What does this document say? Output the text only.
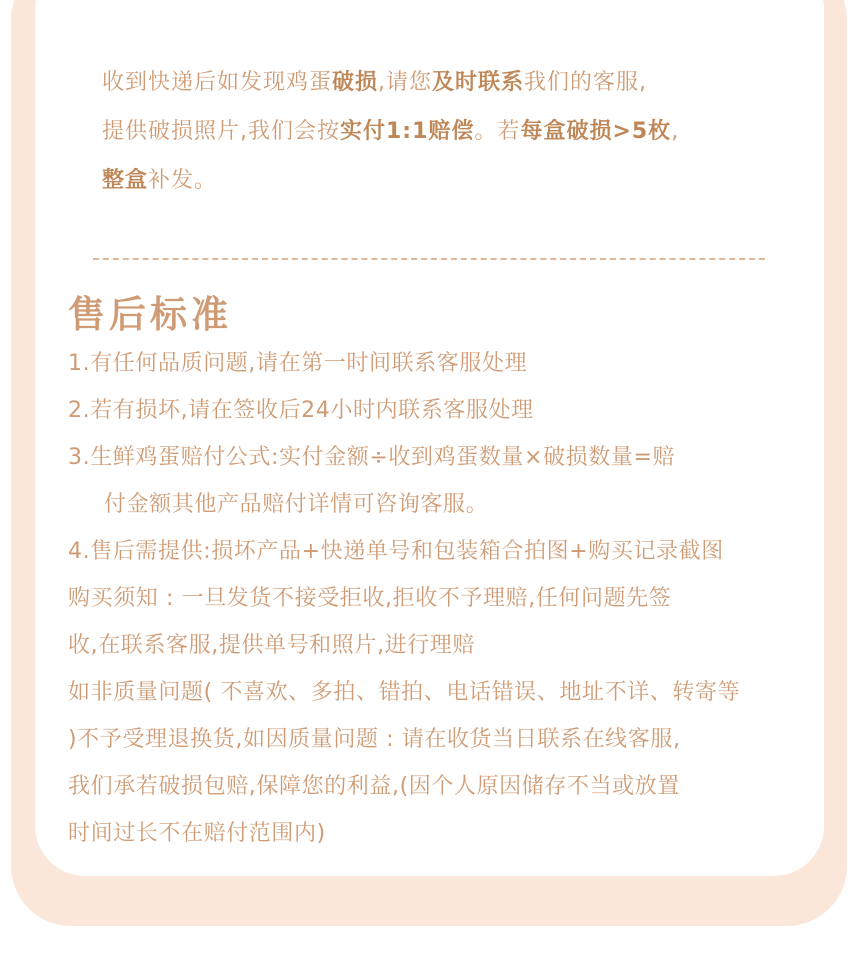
收到快递后如发现鸡蛋破损,请您及时联系我们的客服,
提供破损照片,我们会按实付1:1赔偿。若每盒破损>5枚,
整盒补发。
售后标准
1.有任何品质问题,请在第一时间联系客服处理
2.若有损坏,请在签收后24小时内联系客服处理
3.生鲜鸡蛋赔付公式:实付金额÷收到鸡蛋数量×破损数量=赔
付金额其他产品赔付详情可咨询客服。
4.售后需提供:损坏产品+快递单号和包装箱合拍图+购买记录截图
购买须知 : 一旦发货不接受拒收,拒收不予理赔,任何问题先签
收,在联系客服,提供单号和照片,进行理赔
如非质量问题( 不喜欢、多拍、错拍、电话错误、地址不详、转寄等
)不予受理退换货,如因质量问题 : 请在收货当日联系在线客服,
我们承若破损包赔,保障您的利益,(因个人原因储存不当或放置
时间过长不在赔付范围内)
